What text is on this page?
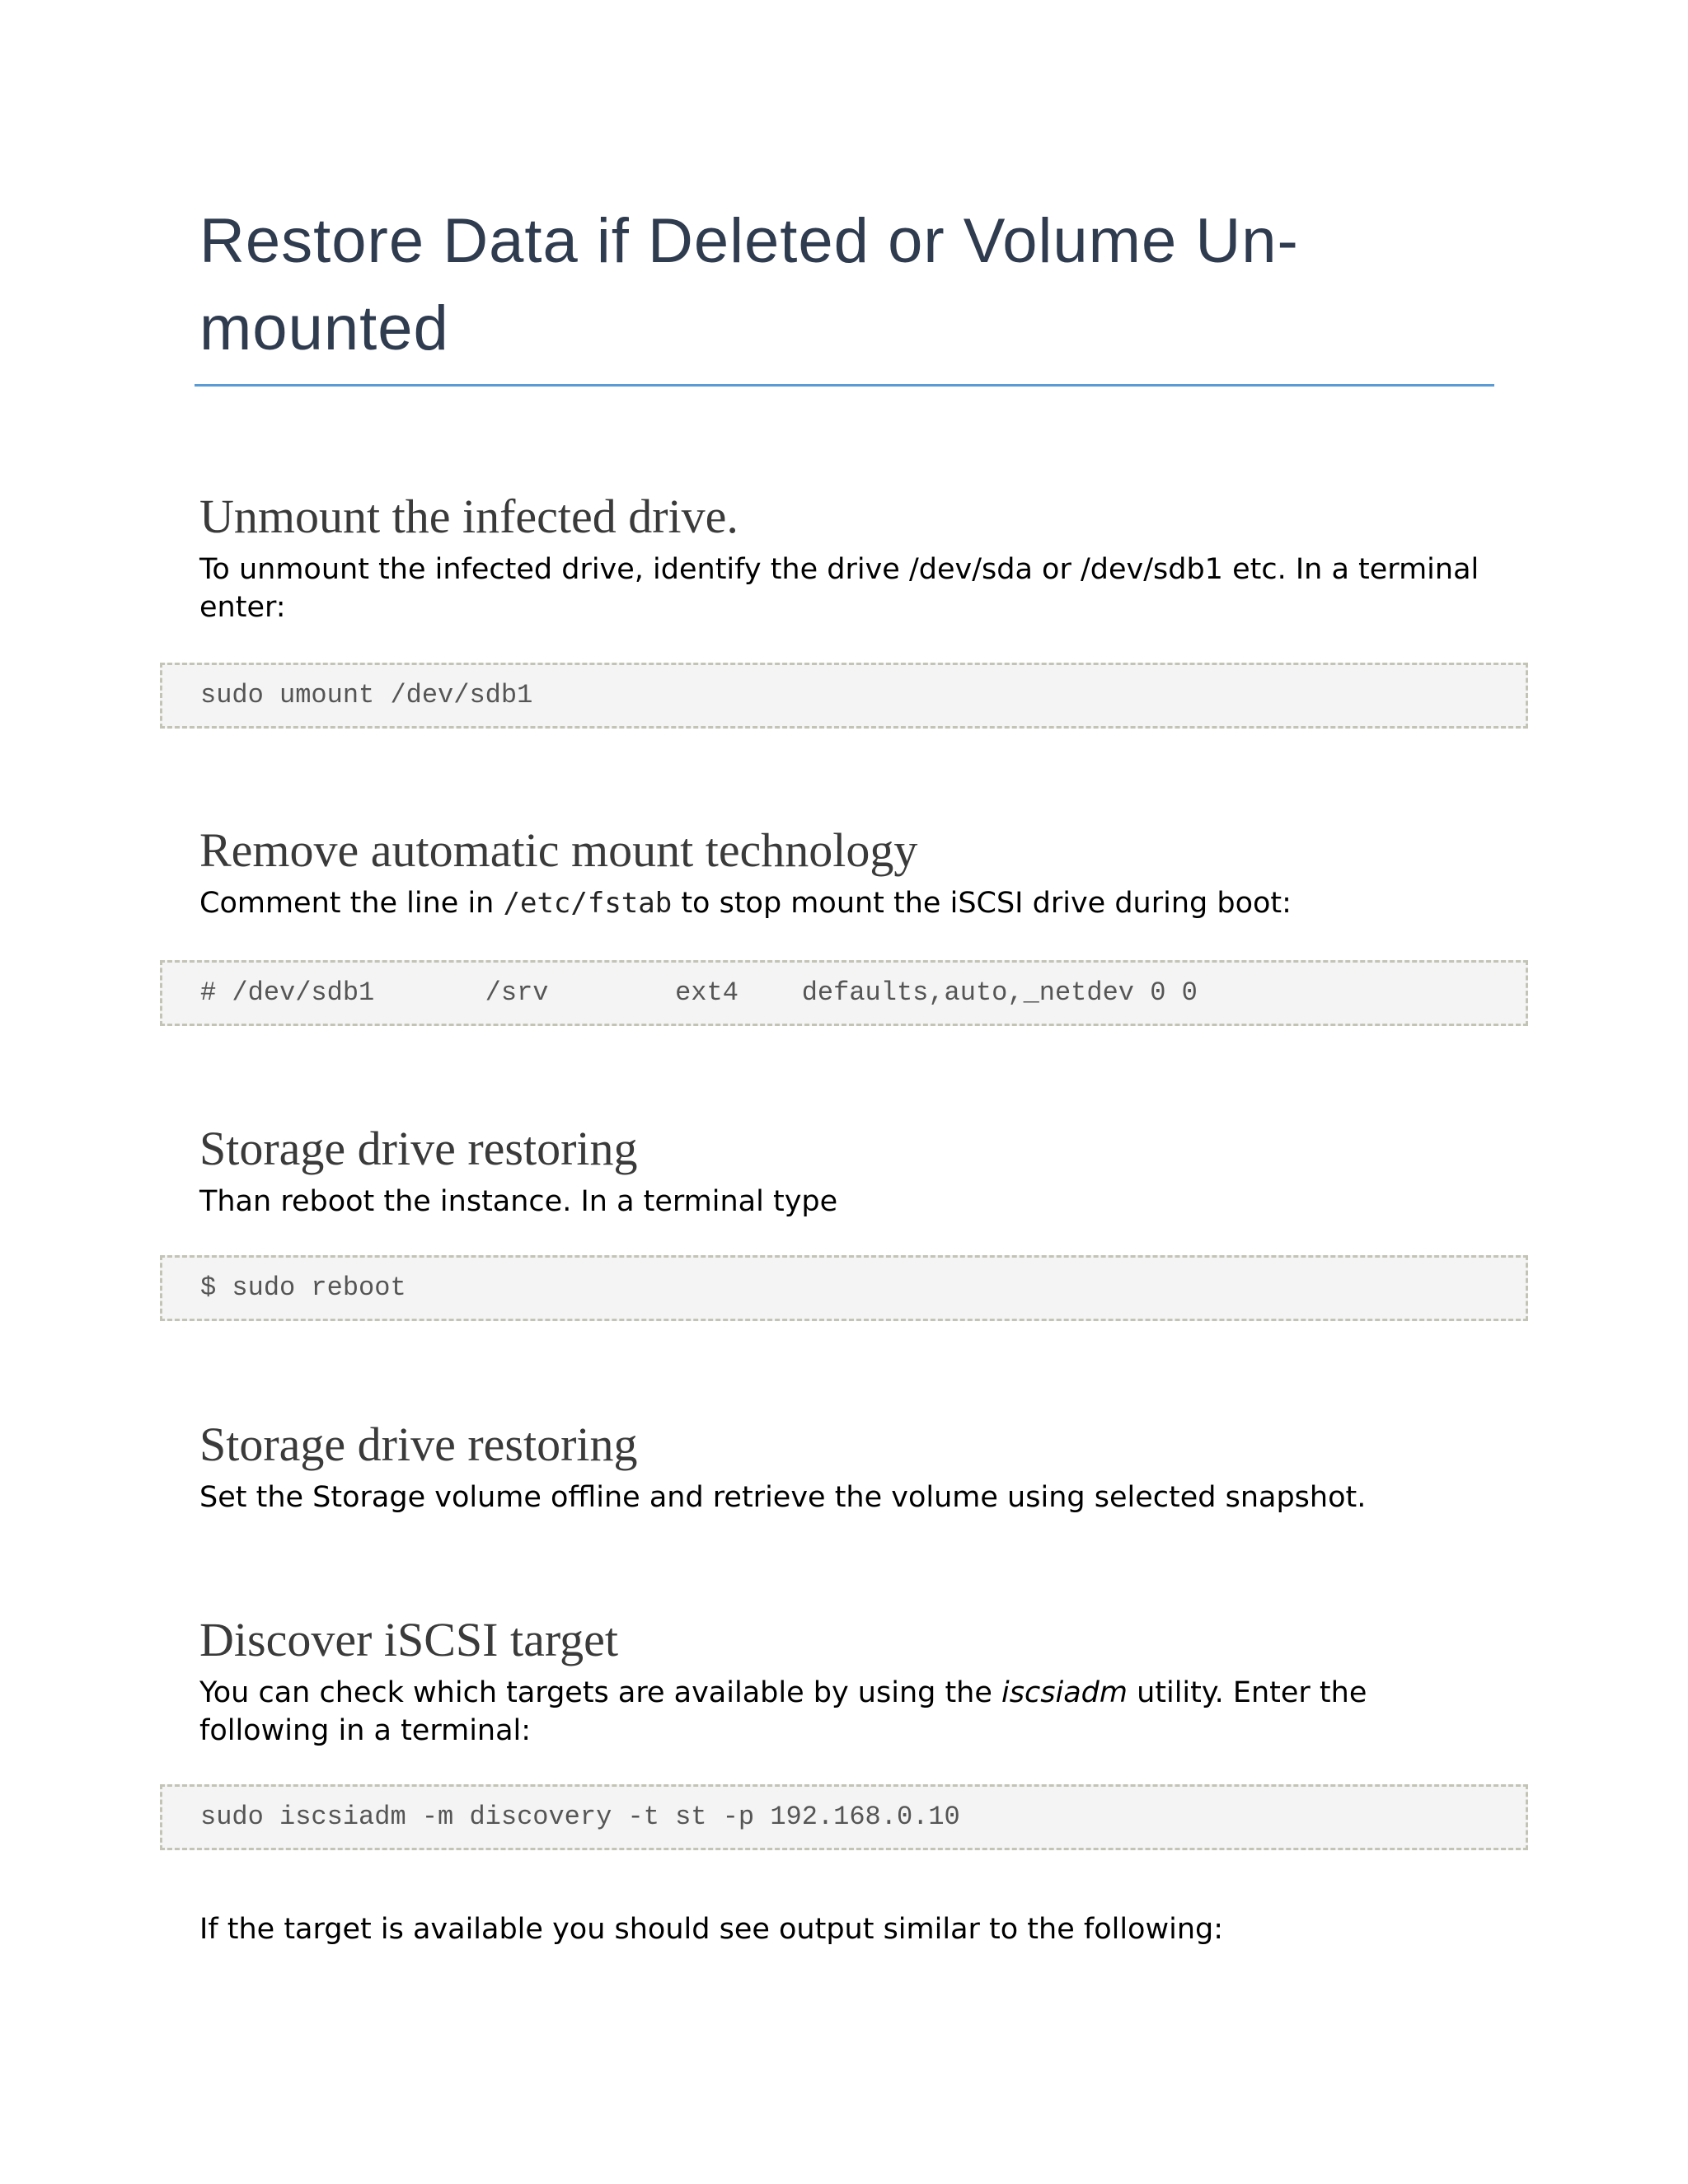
Restore Data if Deleted or Volume Un-mounted
Unmount the infected drive.

To unmount the infected drive, identify the drive /dev/sda or /dev/sdb1 etc. In a terminal enter:

sudo umount /dev/sdb1
Remove automatic mount technology

Comment the line in /etc/fstab to stop mount the iSCSI drive during boot:

# /dev/sdb1       /srv        ext4    defaults,auto,_netdev 0 0
Storage drive restoring

Than reboot the instance. In a terminal type

$ sudo reboot
Storage drive restoring

Set the Storage volume offline and retrieve the volume using selected snapshot.

Discover iSCSI target

You can check which targets are available by using the iscsiadm utility. Enter the following in a terminal:

sudo iscsiadm -m discovery -t st -p 192.168.0.10

If the target is available you should see output similar to the following:
